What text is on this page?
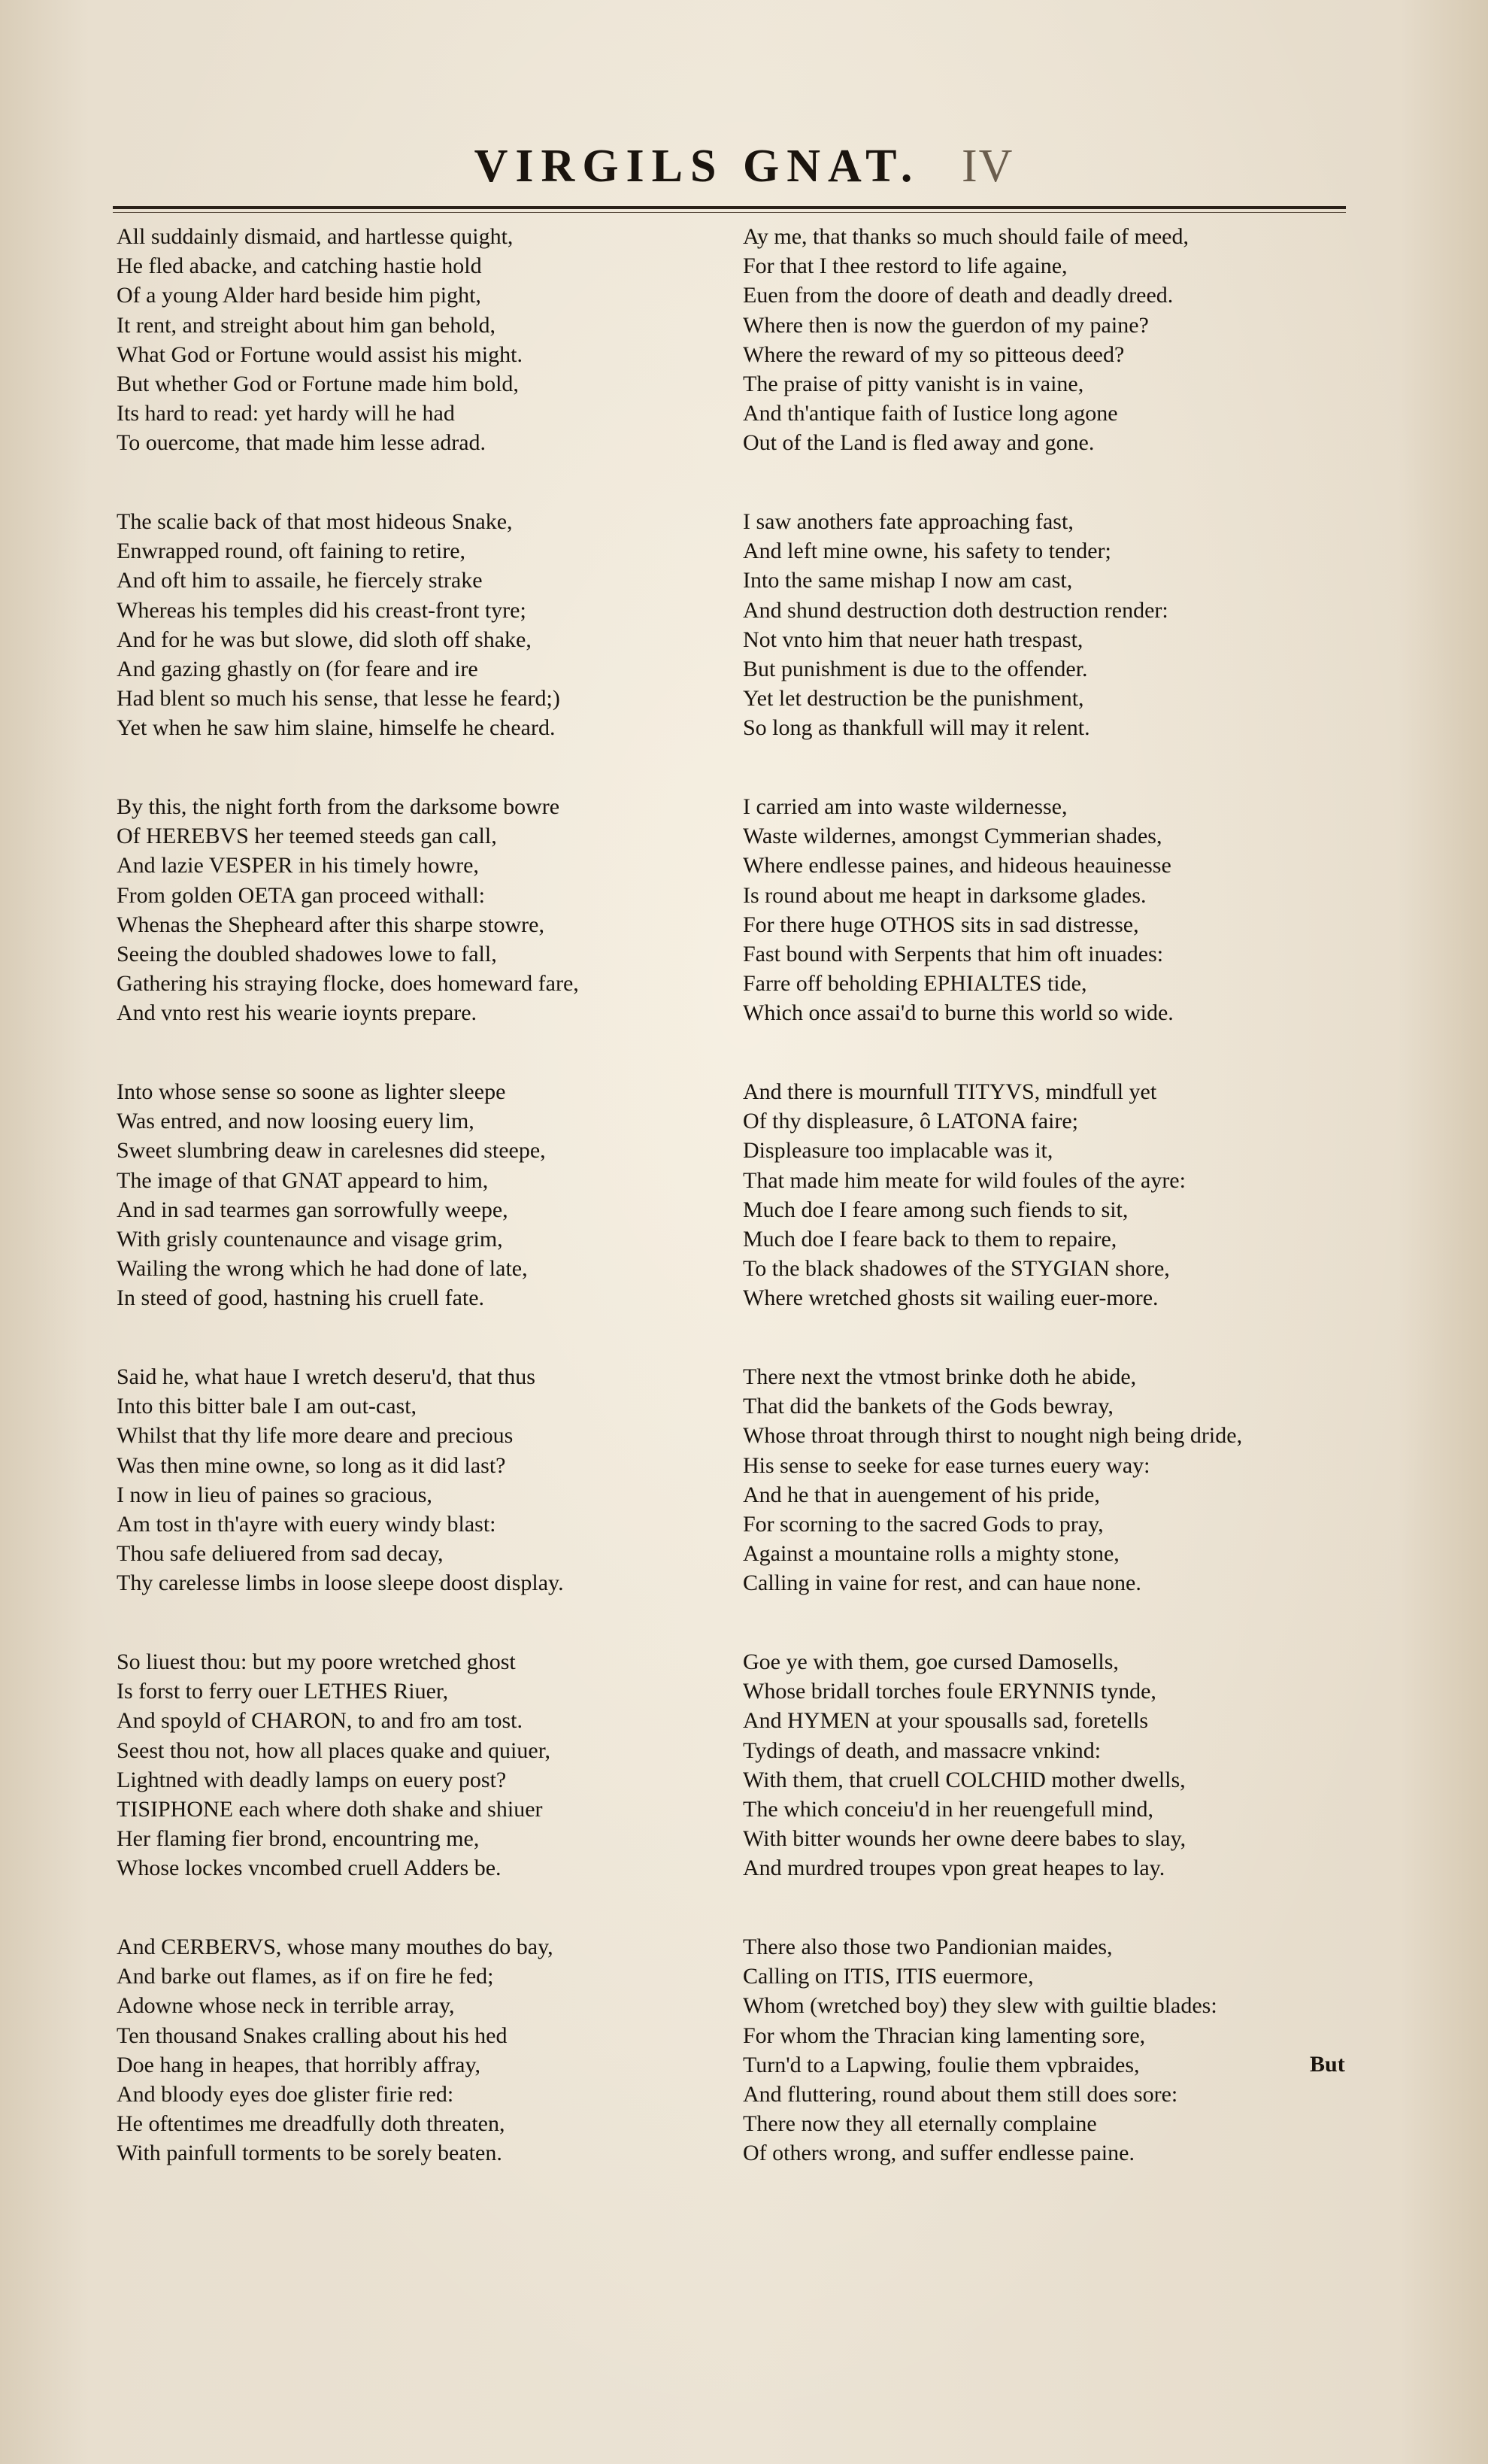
VIRGILS GNAT. IV
All suddainly dismaid, and hartlesse quight,
He fled abacke, and catching hastie hold
Of a young Alder hard beside him pight,
It rent, and streight about him gan behold,
What God or Fortune would assist his might.
But whether God or Fortune made him bold,
Its hard to read: yet hardy will he had
To ouercome, that made him lesse adrad.
The scalie back of that most hideous Snake,
Enwrapped round, oft faining to retire,
And oft him to assaile, he fiercely strake
Whereas his temples did his creast-front tyre;
And for he was but slowe, did sloth off shake,
And gazing ghastly on (for feare and ire
Had blent so much his sense, that lesse he feard;)
Yet when he saw him slaine, himselfe he cheard.
By this, the night forth from the darksome bowre
Of HEREBVS her teemed steeds gan call,
And lazie VESPER in his timely howre,
From golden OETA gan proceed withall:
Whenas the Shepheard after this sharpe stowre,
Seeing the doubled shadowes lowe to fall,
Gathering his straying flocke, does homeward fare,
And vnto rest his wearie ioynts prepare.
Into whose sense so soone as lighter sleepe
Was entred, and now loosing euery lim,
Sweet slumbring deaw in carelesnes did steepe,
The image of that GNAT appeard to him,
And in sad tearmes gan sorrowfully weepe,
With grisly countenaunce and visage grim,
Wailing the wrong which he had done of late,
In steed of good, hastning his cruell fate.
Said he, what haue I wretch deseru'd, that thus
Into this bitter bale I am out-cast,
Whilst that thy life more deare and precious
Was then mine owne, so long as it did last?
I now in lieu of paines so gracious,
Am tost in th'ayre with euery windy blast:
Thou safe deliuered from sad decay,
Thy carelesse limbs in loose sleepe doost display.
So liuest thou: but my poore wretched ghost
Is forst to ferry ouer LETHES Riuer,
And spoyld of CHARON, to and fro am tost.
Seest thou not, how all places quake and quiuer,
Lightned with deadly lamps on euery post?
TISIPHONE each where doth shake and shiuer
Her flaming fier brond, encountring me,
Whose lockes vncombed cruell Adders be.
And CERBERVS, whose many mouthes do bay,
And barke out flames, as if on fire he fed;
Adowne whose neck in terrible array,
Ten thousand Snakes cralling about his hed
Doe hang in heapes, that horribly affray,
And bloody eyes doe glister firie red:
He oftentimes me dreadfully doth threaten,
With painfull torments to be sorely beaten.
Ay me, that thanks so much should faile of meed,
For that I thee restord to life againe,
Euen from the doore of death and deadly dreed.
Where then is now the guerdon of my paine?
Where the reward of my so pitteous deed?
The praise of pitty vanisht is in vaine,
And th'antique faith of Iustice long agone
Out of the Land is fled away and gone.
I saw anothers fate approaching fast,
And left mine owne, his safety to tender;
Into the same mishap I now am cast,
And shund destruction doth destruction render:
Not vnto him that neuer hath trespast,
But punishment is due to the offender.
Yet let destruction be the punishment,
So long as thankfull will may it relent.
I carried am into waste wildernesse,
Waste wildernes, amongst Cymmerian shades,
Where endlesse paines, and hideous heauinesse
Is round about me heapt in darksome glades.
For there huge OTHOS sits in sad distresse,
Fast bound with Serpents that him oft inuades:
Farre off beholding EPHIALTES tide,
Which once assai'd to burne this world so wide.
And there is mournfull TITYVS, mindfull yet
Of thy displeasure, ô LATONA faire;
Displeasure too implacable was it,
That made him meate for wild foules of the ayre:
Much doe I feare among such fiends to sit,
Much doe I feare back to them to repaire,
To the black shadowes of the STYGIAN shore,
Where wretched ghosts sit wailing euer-more.
There next the vtmost brinke doth he abide,
That did the bankets of the Gods bewray,
Whose throat through thirst to nought nigh being dride,
His sense to seeke for ease turnes euery way:
And he that in auengement of his pride,
For scorning to the sacred Gods to pray,
Against a mountaine rolls a mighty stone,
Calling in vaine for rest, and can haue none.
Goe ye with them, goe cursed Damosells,
Whose bridall torches foule ERYNNIS tynde,
And HYMEN at your spousalls sad, foretells
Tydings of death, and massacre vnkind:
With them, that cruell COLCHID mother dwells,
The which conceiu'd in her reuengefull mind,
With bitter wounds her owne deere babes to slay,
And murdred troupes vpon great heapes to lay.
There also those two Pandionian maides,
Calling on ITIS, ITIS euermore,
Whom (wretched boy) they slew with guiltie blades:
For whom the Thracian king lamenting sore,
Turn'd to a Lapwing, foulie them vpbraides,
And fluttering, round about them still does sore:
There now they all eternally complaine
Of others wrong, and suffer endlesse paine.
But
